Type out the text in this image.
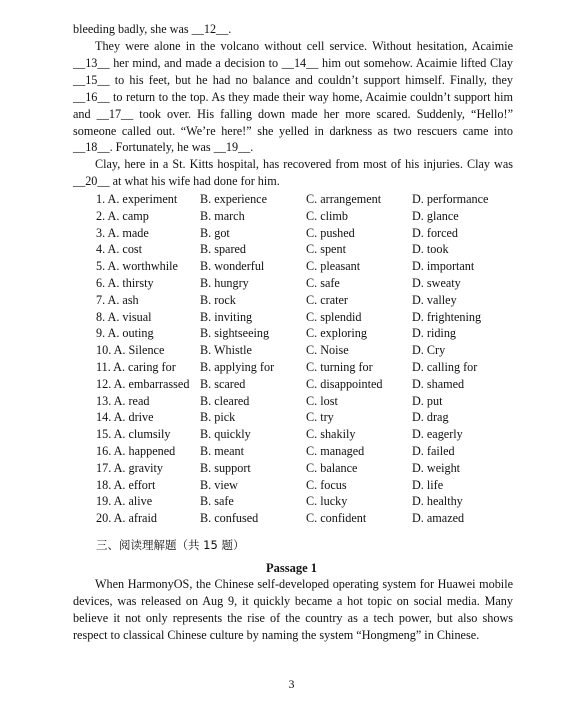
bleeding badly, she was __12__.
They were alone in the volcano without cell service. Without hesitation, Acaimie __13__ her mind, and made a decision to __14__ him out somehow. Acaimie lifted Clay __15__ to his feet, but he had no balance and couldn’t support himself. Finally, they __16__ to return to the top. As they made their way home, Acaimie couldn’t support him and __17__ took over. His falling down made her more scared. Suddenly, “Hello!” someone called out. “We’re here!” she yelled in darkness as two rescuers came into __18__. Fortunately, he was __19__.
Clay, here in a St. Kitts hospital, has recovered from most of his injuries. Clay was __20__ at what his wife had done for him.
1. A. experiment	B. experience	C. arrangement	D. performance
2. A. camp	B. march	C. climb	D. glance
3. A. made	B. got	C. pushed	D. forced
4. A. cost	B. spared	C. spent	D. took
5. A. worthwhile	B. wonderful	C. pleasant	D. important
6. A. thirsty	B. hungry	C. safe	D. sweaty
7. A. ash	B. rock	C. crater	D. valley
8. A. visual	B. inviting	C. splendid	D. frightening
9. A. outing	B. sightseeing	C. exploring	D. riding
10. A. Silence	B. Whistle	C. Noise	D. Cry
11. A. caring for	B. applying for	C. turning for	D. calling for
12. A. embarrassed B. scared	C. disappointed	D. shamed
13. A. read	B. cleared	C. lost	D. put
14. A. drive	B. pick	C. try	D. drag
15. A. clumsily	B. quickly	C. shakily	D. eagerly
16. A. happened	B. meant	C. managed	D. failed
17. A. gravity	B. support	C. balance	D. weight
18. A. effort	B. view	C. focus	D. life
19. A. alive	B. safe	C. lucky	D. healthy
20. A. afraid	B. confused	C. confident	D. amazed
三、阅读理解题（共 15 题）
Passage 1
When HarmonyOS, the Chinese self-developed operating system for Huawei mobile devices, was released on Aug 9, it quickly became a hot topic on social media. Many believe it not only represents the rise of the country as a tech power, but also shows respect to classical Chinese culture by naming the system “Hongmeng” in Chinese.
3
